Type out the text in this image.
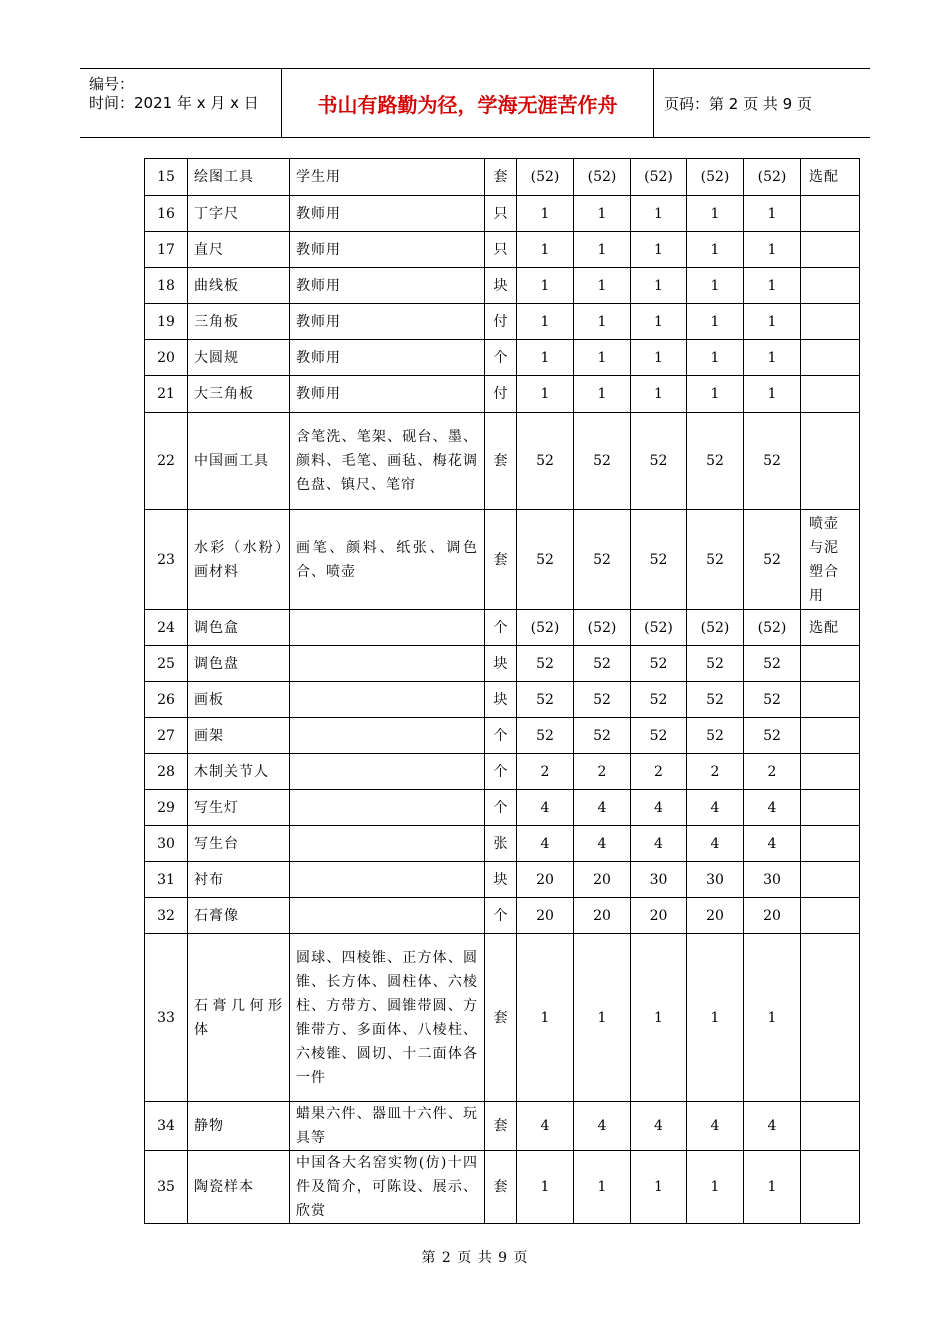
编号：
时间：2021 年 x 月 x 日	书山有路勤为径，学海无涯苦作舟	页码：第 2 页 共 9 页
15	绘图工具	学生用	套	(52)	(52)	(52)	(52)	(52)	选配
16	丁字尺	教师用	只	1	1	1	1	1	
17	直尺	教师用	只	1	1	1	1	1	
18	曲线板	教师用	块	1	1	1	1	1	
19	三角板	教师用	付	1	1	1	1	1	
20	大圆规	教师用	个	1	1	1	1	1	
21	大三角板	教师用	付	1	1	1	1	1	
22	中国画工具	含笔洗、笔架、砚台、墨、颜料、毛笔、画毡、梅花调色盘、镇尺、笔帘	套	52	52	52	52	52	
23	水彩（水粉）画材料	画笔、颜料、纸张、调色合、喷壶	套	52	52	52	52	52	喷壶与泥塑合用
24	调色盒		个	(52)	(52)	(52)	(52)	(52)	选配
25	调色盘		块	52	52	52	52	52	
26	画板		块	52	52	52	52	52	
27	画架		个	52	52	52	52	52	
28	木制关节人		个	2	2	2	2	2	
29	写生灯		个	4	4	4	4	4	
30	写生台		张	4	4	4	4	4	
31	衬布		块	20	20	30	30	30	
32	石膏像		个	20	20	20	20	20	
33	石膏几何形体	圆球、四棱锥、正方体、圆锥、长方体、圆柱体、六棱柱、方带方、圆锥带圆、方锥带方、多面体、八棱柱、六棱锥、圆切、十二面体各一件	套	1	1	1	1	1	
34	静物	蜡果六件、器皿十六件、玩具等	套	4	4	4	4	4	
35	陶瓷样本	中国各大名窑实物(仿)十四件及简介，可陈设、展示、欣赏	套	1	1	1	1	1	
第 2 页 共 9 页
